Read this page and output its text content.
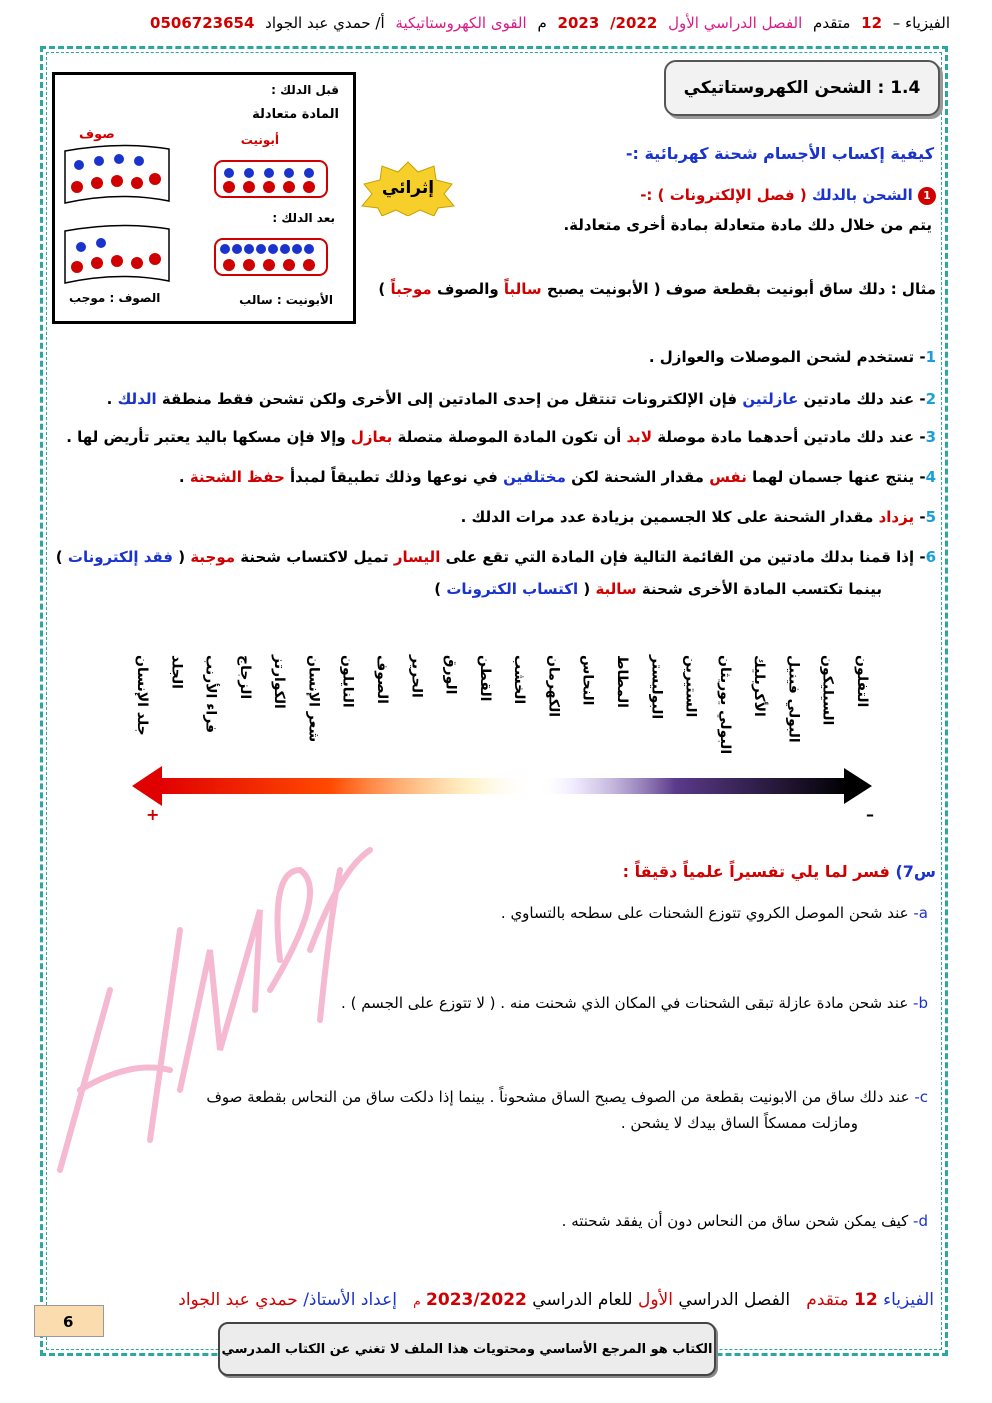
الفيزياء – 12 متقدم الفصل الدراسي الأول 2022/ 2023 م القوى الكهروستاتيكية أ/ حمدي عبد الجواد 0506723654
1.4 : الشحن الكهروستاتيكي
قبل الدلك :
المادة متعادلة
صوف	أبونيت
بعد الدلك :
الأبونيت : سالب
الصوف : موجب
إثرائي
كيفية إكساب الأجسام شحنة كهربائية :-
1 الشحن بالدلك ( فصل الإلكترونات ) :-
يتم من خلال دلك مادة متعادلة بمادة أخرى متعادلة.
مثال : دلك ساق أبونيت بقطعة صوف ( الأبونيت يصبح سالباً والصوف موجباً )
1- تستخدم لشحن الموصلات والعوازل .
2- عند دلك مادتين عازلتين فإن الإلكترونات تنتقل من إحدى المادتين إلى الأخرى ولكن تشحن فقط منطقة الدلك .
3- عند دلك مادتين أحدهما مادة موصلة لابد أن تكون المادة الموصلة متصلة بعازل وإلا فإن مسكها باليد يعتبر تأريض لها .
4- ينتج عنها جسمان لهما نفس مقدار الشحنة لكن مختلفين في نوعها وذلك تطبيقاً لمبدأ حفظ الشحنة .
5- يزداد مقدار الشحنة على كلا الجسمين بزيادة عدد مرات الدلك .
6- إذا قمنا بدلك مادتين من القائمة التالية فإن المادة التي تقع على اليسار تميل لاكتساب شحنة موجبة ( فقد إلكترونات )
بينما تكتسب المادة الأخرى شحنة سالبة ( اكتساب الكترونات )
جلد الإنسان الجلد فراء الأرنب الزجاج الكوارتز شعر الإنسان النايلون الصوف الحرير الورق القطن الخشب الكهرمان النحاس المطاط البوليستر الستيرين البولي يوريثان الأكريليك البولي فينيل السيليكون التفلون
+	–
س7) فسر لما يلي تفسيراً علمياً دقيقاً :
a- عند شحن الموصل الكروي تتوزع الشحنات على سطحه بالتساوي .
b- عند شحن مادة عازلة تبقى الشحنات في المكان الذي شحنت منه . ( لا تتوزع على الجسم ) .
c- عند دلك ساق من الابونيت بقطعة من الصوف يصبح الساق مشحوناً . بينما إذا دلكت ساق من النحاس بقطعة صوف
ومازلت ممسكاً الساق بيدك لا يشحن .
d- كيف يمكن شحن ساق من النحاس دون أن يفقد شحنته .
الفيزياء 12 متقدم   الفصل الدراسي الأول للعام الدراسي 2023/2022 م   إعداد الأستاذ/ حمدي عبد الجواد
6
الكتاب هو المرجع الأساسي ومحتويات هذا الملف لا تغني عن الكتاب المدرسي
